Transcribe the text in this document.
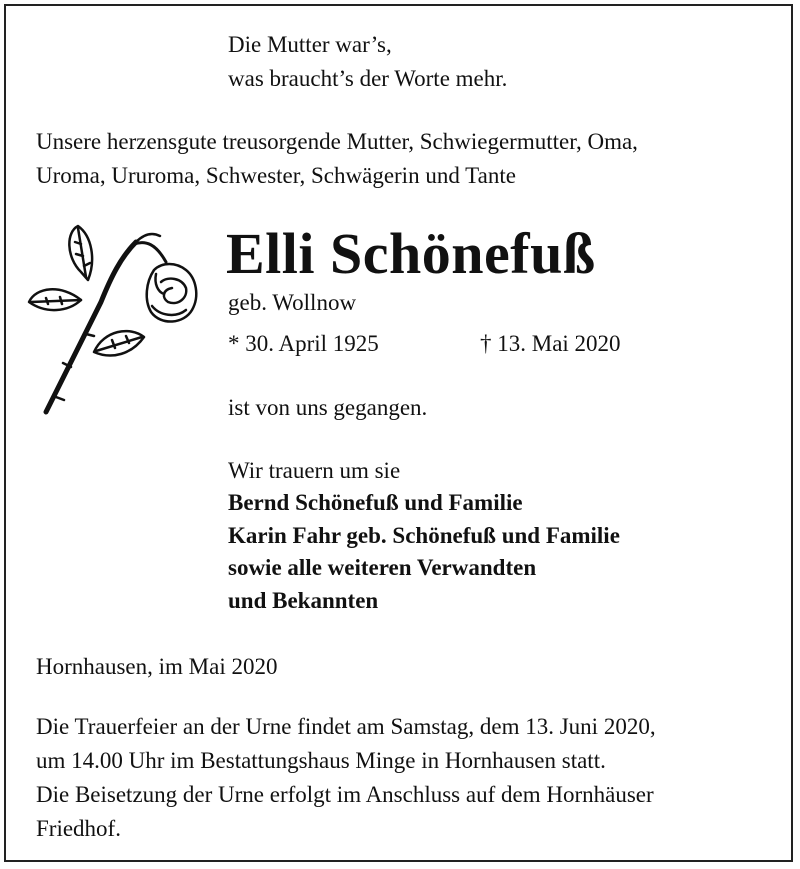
Die Mutter war’s,
was braucht’s der Worte mehr.
Unsere herzensgute treusorgende Mutter, Schwiegermutter, Oma,
Uroma, Ururoma, Schwester, Schwägerin und Tante
Elli Schönefuß
geb. Wollnow
* 30. April 1925	† 13. Mai 2020
ist von uns gegangen.
Wir trauern um sie
Bernd Schönefuß und Familie
Karin Fahr geb. Schönefuß und Familie
sowie alle weiteren Verwandten
und Bekannten
Hornhausen, im Mai 2020
Die Trauerfeier an der Urne findet am Samstag, dem 13. Juni 2020,
um 14.00 Uhr im Bestattungshaus Minge in Hornhausen statt.
Die Beisetzung der Urne erfolgt im Anschluss auf dem Hornhäuser
Friedhof.
